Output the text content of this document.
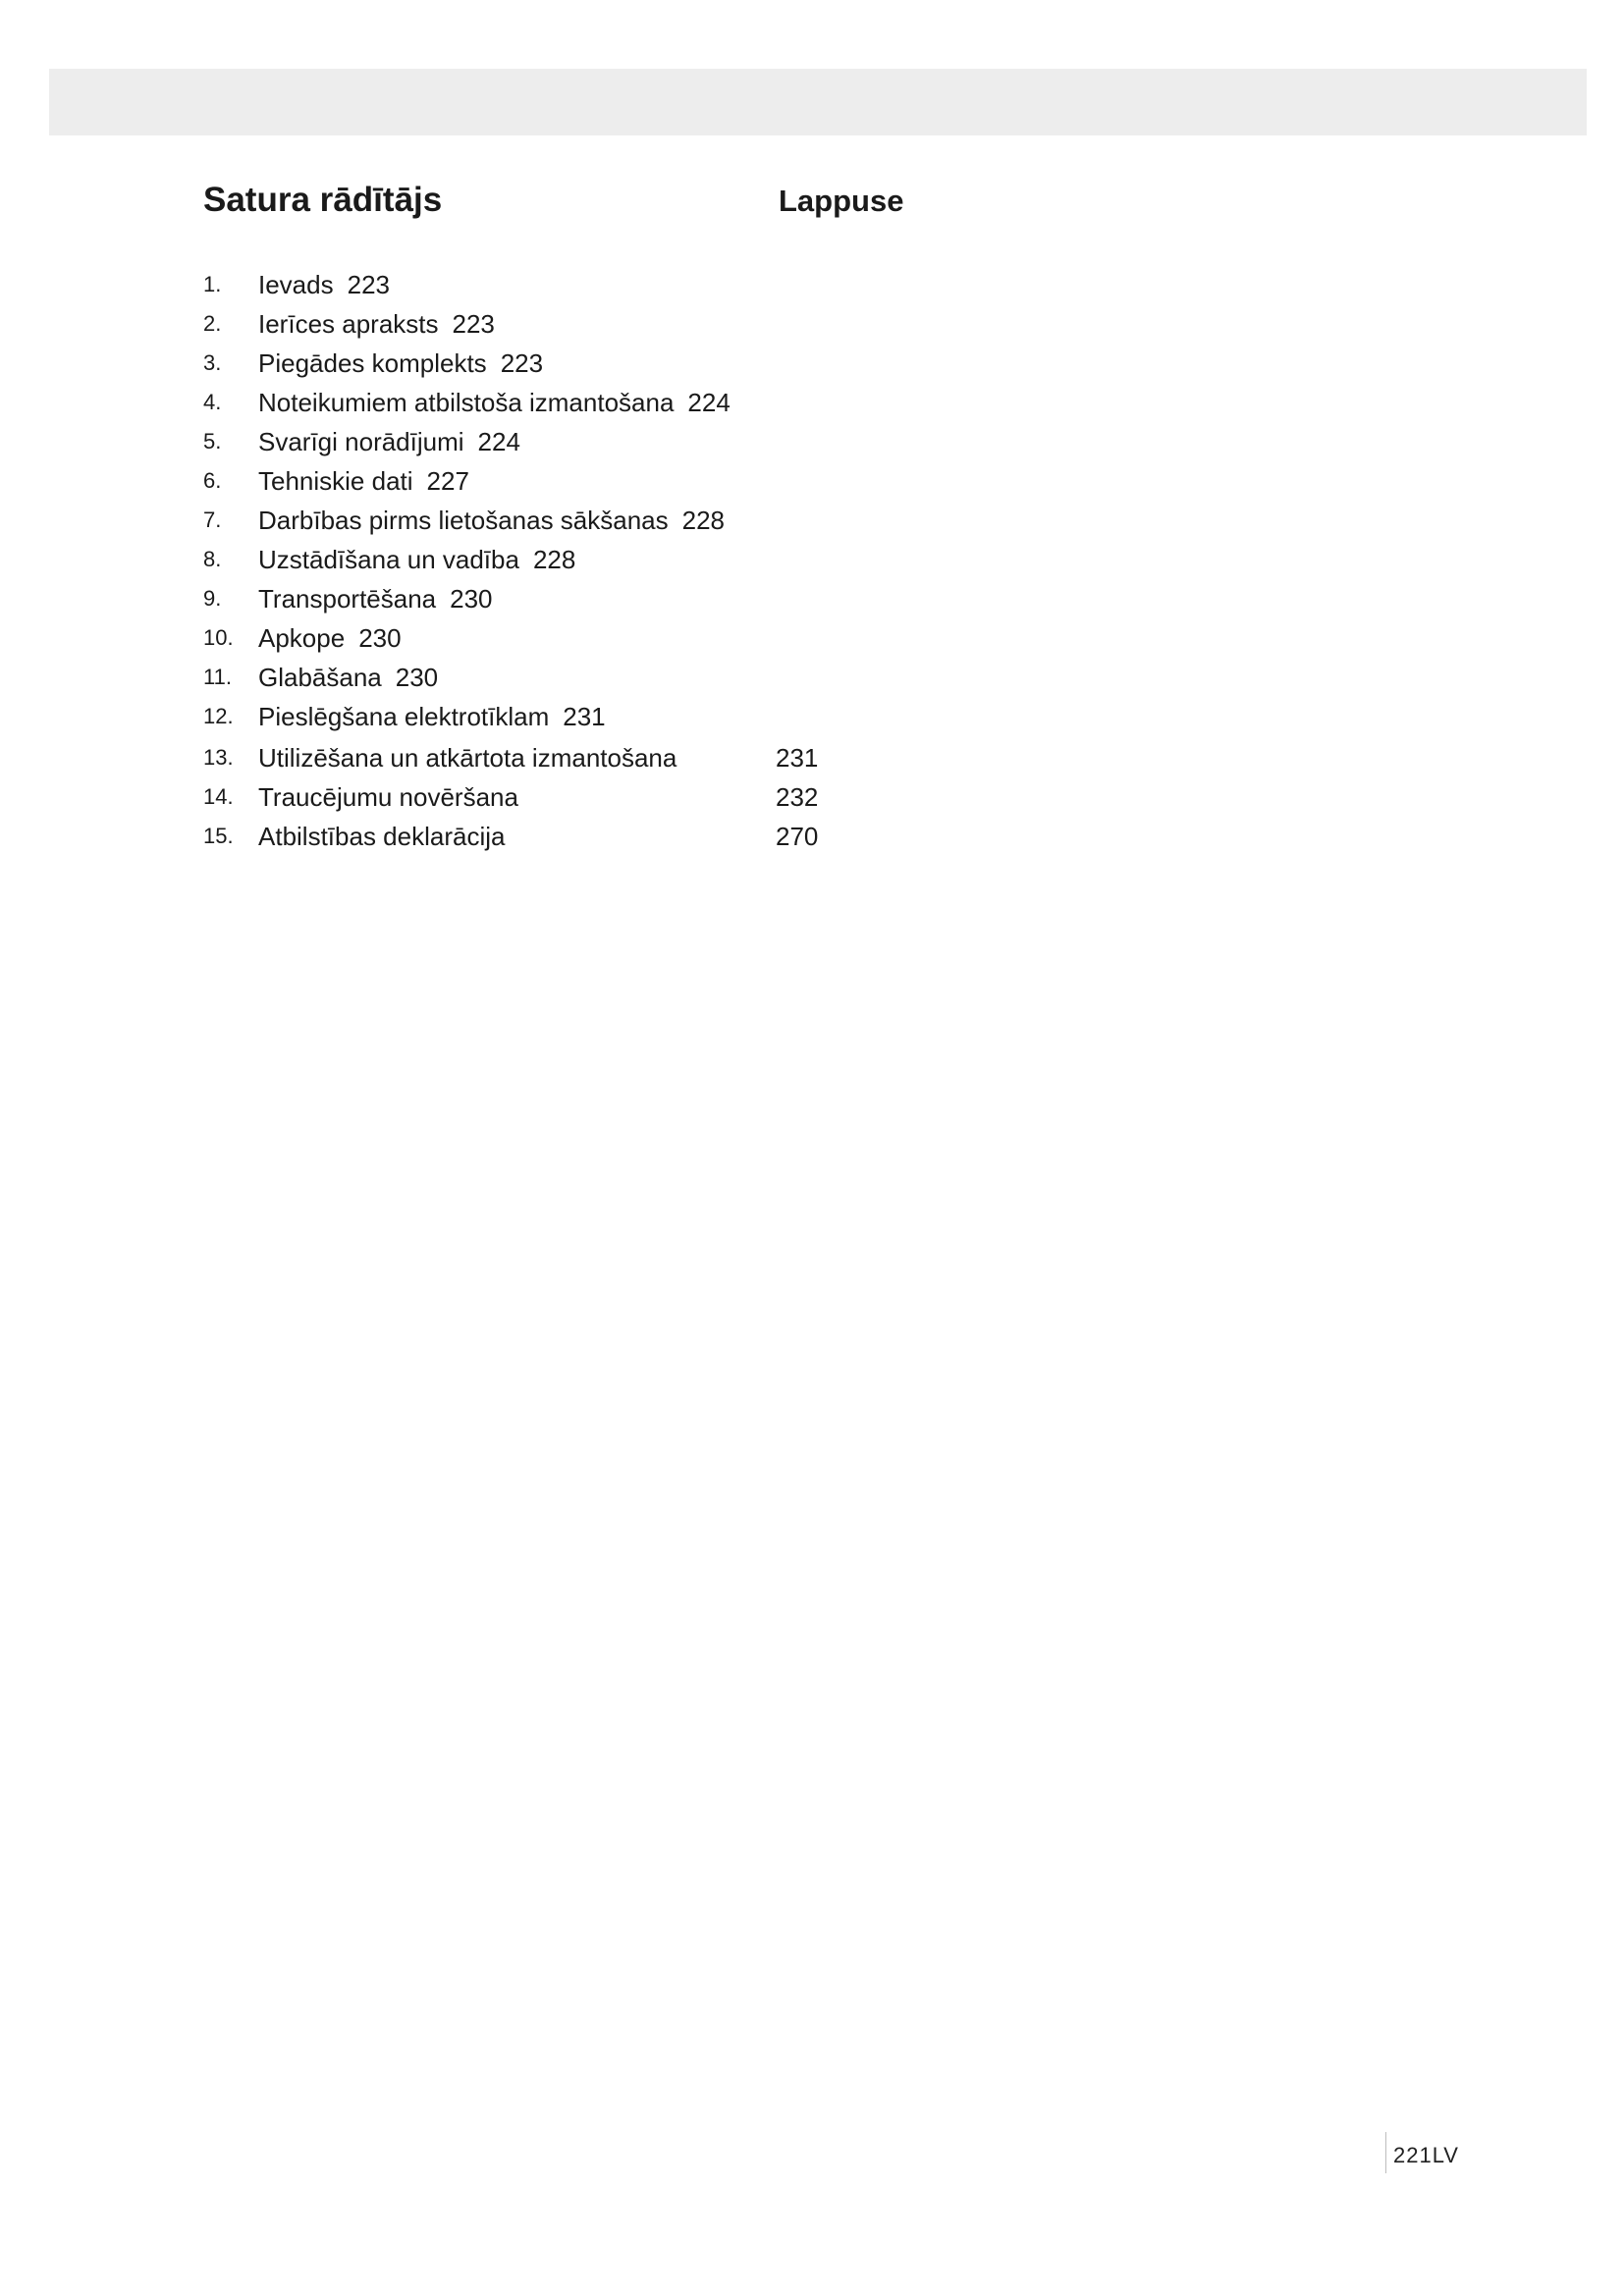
Satura rādītājs	Lappuse
1. Ievads 223
2. Ierīces apraksts 223
3. Piegādes komplekts 223
4. Noteikumiem atbilstoša izmantošana 224
5. Svarīgi norādījumi 224
6. Tehniskie dati 227
7. Darbības pirms lietošanas sākšanas 228
8. Uzstādīšana un vadība 228
9. Transportēšana 230
10. Apkope 230
11. Glabāšana 230
12. Pieslēgšana elektrotīklam 231
13. Utilizēšana un atkārtota izmantošana	231
14. Traucējumu novēršana	232
15. Atbilstības deklarācija	270
221LV
